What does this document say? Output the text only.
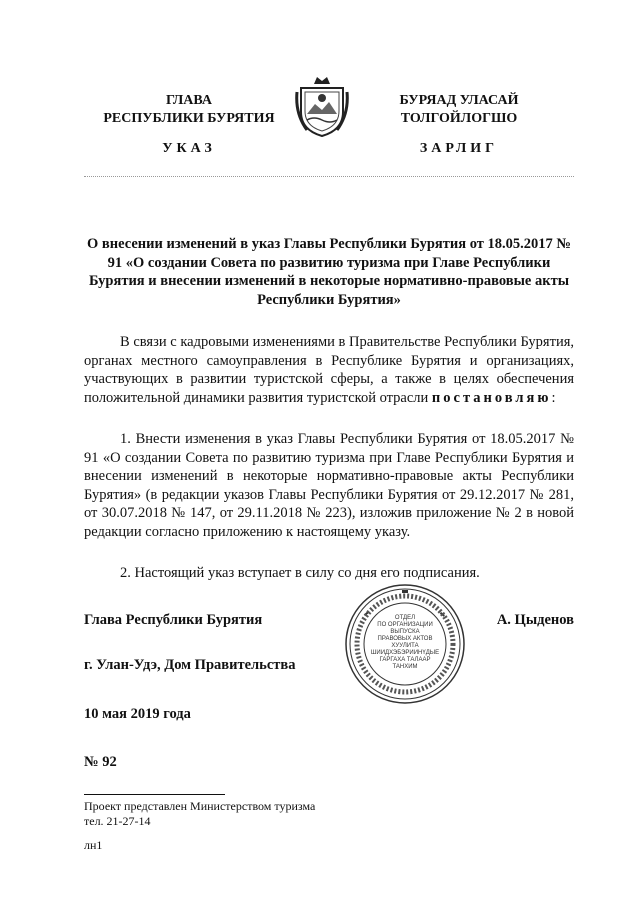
ГЛАВА
РЕСПУБЛИКИ БУРЯТИЯ
УКАЗ
БУРЯАД УЛАСАЙ
ТОЛГОЙЛОГШО
ЗАРЛИГ
О внесении изменений в указ Главы Республики Бурятия от 18.05.2017 № 91 «О создании Совета по развитию туризма при Главе Республики Бурятия и внесении изменений в некоторые нормативно-правовые акты Республики Бурятия»

В связи с кадровыми изменениями в Правительстве Республики Бурятия, органах местного самоуправления в Республике Бурятия и организациях, участвующих в развитии туристской сферы, а также в целях обеспечения положительной динамики развития туристской отрасли постановляю:

1. Внести изменения в указ Главы Республики Бурятия от 18.05.2017 № 91 «О создании Совета по развитию туризма при Главе Республики Бурятия и внесении изменений в некоторые нормативно-правовые акты Республики Бурятия» (в редакции указов Главы Республики Бурятия от 29.12.2017 № 281, от 30.07.2018 № 147, от 29.11.2018 № 223), изложив приложение № 2 в новой редакции согласно приложению к настоящему указу.

2. Настоящий указ вступает в силу со дня его подписания.

Глава Республики Бурятия	ОТДЕЛ
ПО ОРГАНИЗАЦИИ
ВЫПУСКА
ПРАВОВЫХ АКТОВ
ХУУЛИТА
ШИИДХЭБЭРИИНҮДЫЕ
ГАРГАХА ТАЛААР
ТАНХИМ
А. Цыденов
г. Улан-Удэ, Дом Правительства
10 мая 2019 года
№ 92
Проект представлен Министерством туризма
тел. 21-27-14
лн1
